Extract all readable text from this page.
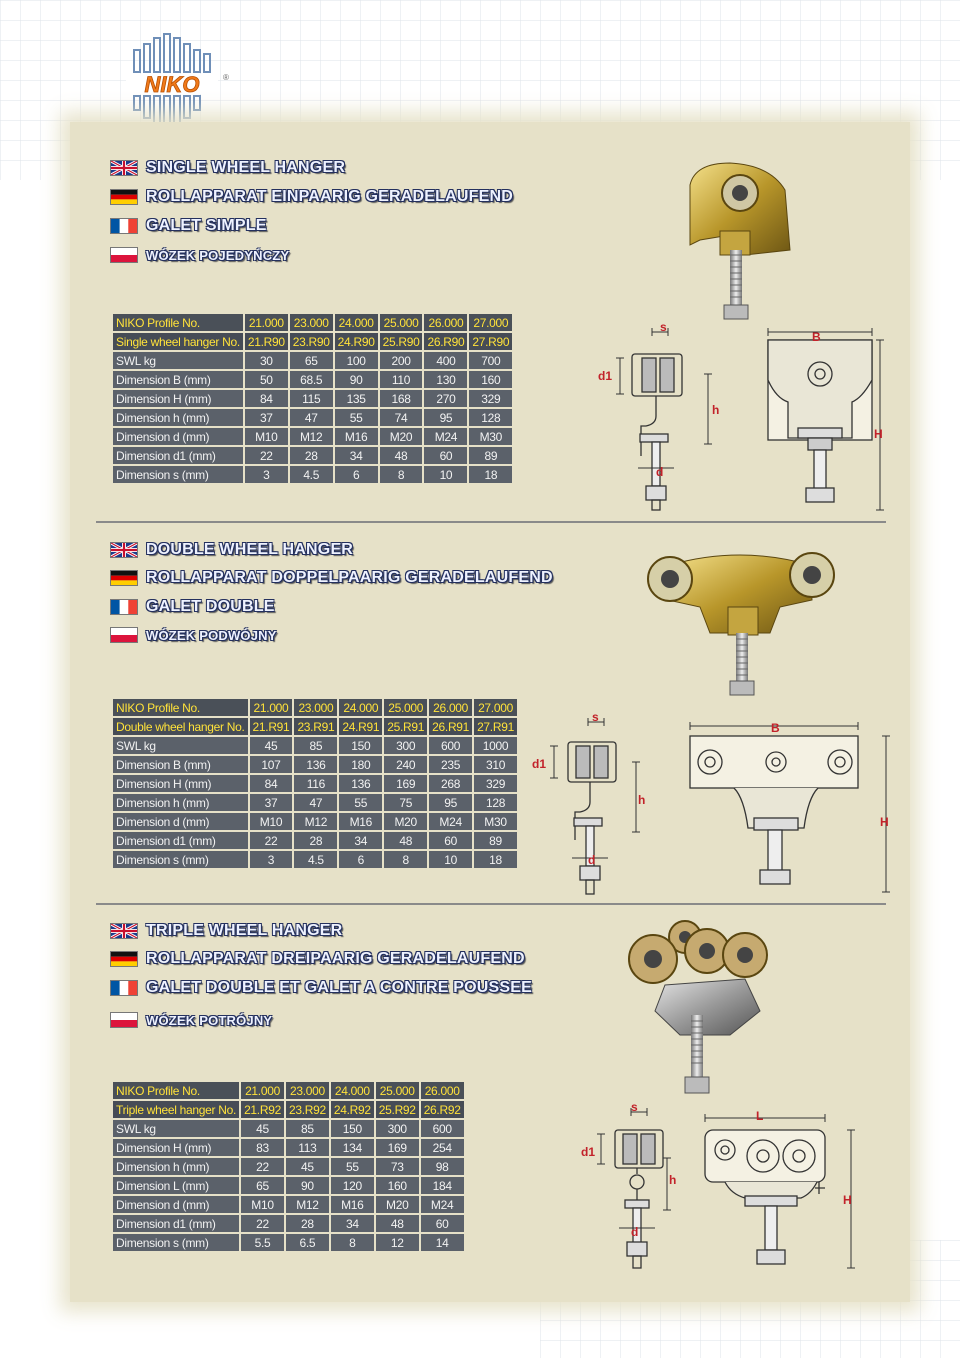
NIKO	®
SINGLE WHEEL HANGER
ROLLAPPARAT EINPAARIG GERADELAUFEND
GALET SIMPLE
WÓZEK POJEDYŃCZY
NIKO Profile No.	21.000	23.000	24.000	25.000	26.000	27.000
Single wheel hanger No.	21.R90	23.R90	24.R90	25.R90	26.R90	27.R90
SWL kg	30	65	100	200	400	700
Dimension B (mm)	50	68.5	90	110	130	160
Dimension H (mm)	84	115	135	168	270	329
Dimension h (mm)	37	47	55	74	95	128
Dimension d (mm)	M10	M12	M16	M20	M24	M30
Dimension d1 (mm)	22	28	34	48	60	89
Dimension s (mm)	3	4.5	6	8	10	18
s
d1
h
d
B
H
DOUBLE WHEEL HANGER
ROLLAPPARAT DOPPELPAARIG GERADELAUFEND
GALET DOUBLE
WÓZEK PODWÓJNY
NIKO Profile No.	21.000	23.000	24.000	25.000	26.000	27.000
Double wheel hanger No.	21.R91	23.R91	24.R91	25.R91	26.R91	27.R91
SWL kg	45	85	150	300	600	1000
Dimension B (mm)	107	136	180	240	235	310
Dimension H (mm)	84	116	136	169	268	329
Dimension h (mm)	37	47	55	75	95	128
Dimension d (mm)	M10	M12	M16	M20	M24	M30
Dimension d1 (mm)	22	28	34	48	60	89
Dimension s (mm)	3	4.5	6	8	10	18
s
d1
h
d
B
H
TRIPLE WHEEL HANGER
ROLLAPPARAT DREIPAARIG GERADELAUFEND
GALET DOUBLE ET GALET A CONTRE POUSSEE
WÓZEK POTRÓJNY
NIKO Profile No.	21.000	23.000	24.000	25.000	26.000
Triple wheel hanger No.	21.R92	23.R92	24.R92	25.R92	26.R92
SWL kg	45	85	150	300	600
Dimension H (mm)	83	113	134	169	254
Dimension h (mm)	22	45	55	73	98
Dimension L (mm)	65	90	120	160	184
Dimension d (mm)	M10	M12	M16	M20	M24
Dimension d1 (mm)	22	28	34	48	60
Dimension s (mm)	5.5	6.5	8	12	14
s
d1
h
d
L
H
